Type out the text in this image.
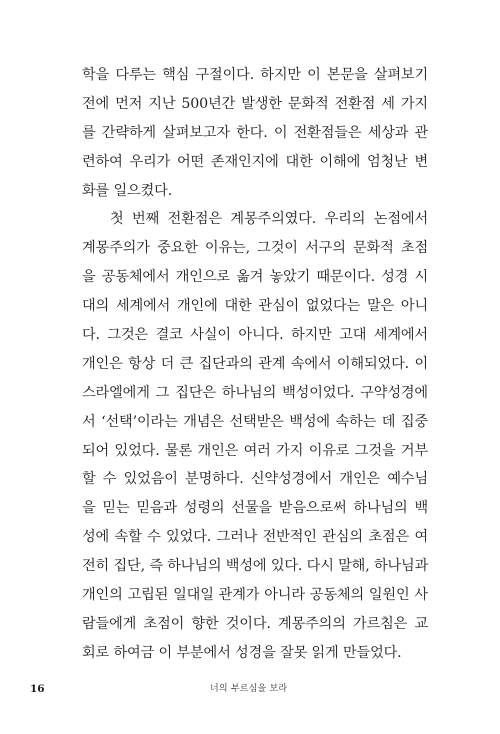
학을 다루는 핵심 구절이다. 하지만 이 본문을 살펴보기
전에 먼저 지난 500년간 발생한 문화적 전환점 세 가지
를 간략하게 살펴보고자 한다. 이 전환점들은 세상과 관
련하여 우리가 어떤 존재인지에 대한 이해에 엄청난 변
화를 일으켰다.
첫 번째 전환점은 계몽주의였다. 우리의 논점에서
계몽주의가 중요한 이유는, 그것이 서구의 문화적 초점
을 공동체에서 개인으로 옮겨 놓았기 때문이다. 성경 시
대의 세계에서 개인에 대한 관심이 없었다는 말은 아니
다. 그것은 결코 사실이 아니다. 하지만 고대 세계에서
개인은 항상 더 큰 집단과의 관계 속에서 이해되었다. 이
스라엘에게 그 집단은 하나님의 백성이었다. 구약성경에
서 ‘선택’이라는 개념은 선택받은 백성에 속하는 데 집중
되어 있었다. 물론 개인은 여러 가지 이유로 그것을 거부
할 수 있었음이 분명하다. 신약성경에서 개인은 예수님
을 믿는 믿음과 성령의 선물을 받음으로써 하나님의 백
성에 속할 수 있었다. 그러나 전반적인 관심의 초점은 여
전히 집단, 즉 하나님의 백성에 있다. 다시 말해, 하나님과
개인의 고립된 일대일 관계가 아니라 공동체의 일원인 사
람들에게 초점이 향한 것이다. 계몽주의의 가르침은 교
회로 하여금 이 부분에서 성경을 잘못 읽게 만들었다.
16	너의 부르심을 보라
